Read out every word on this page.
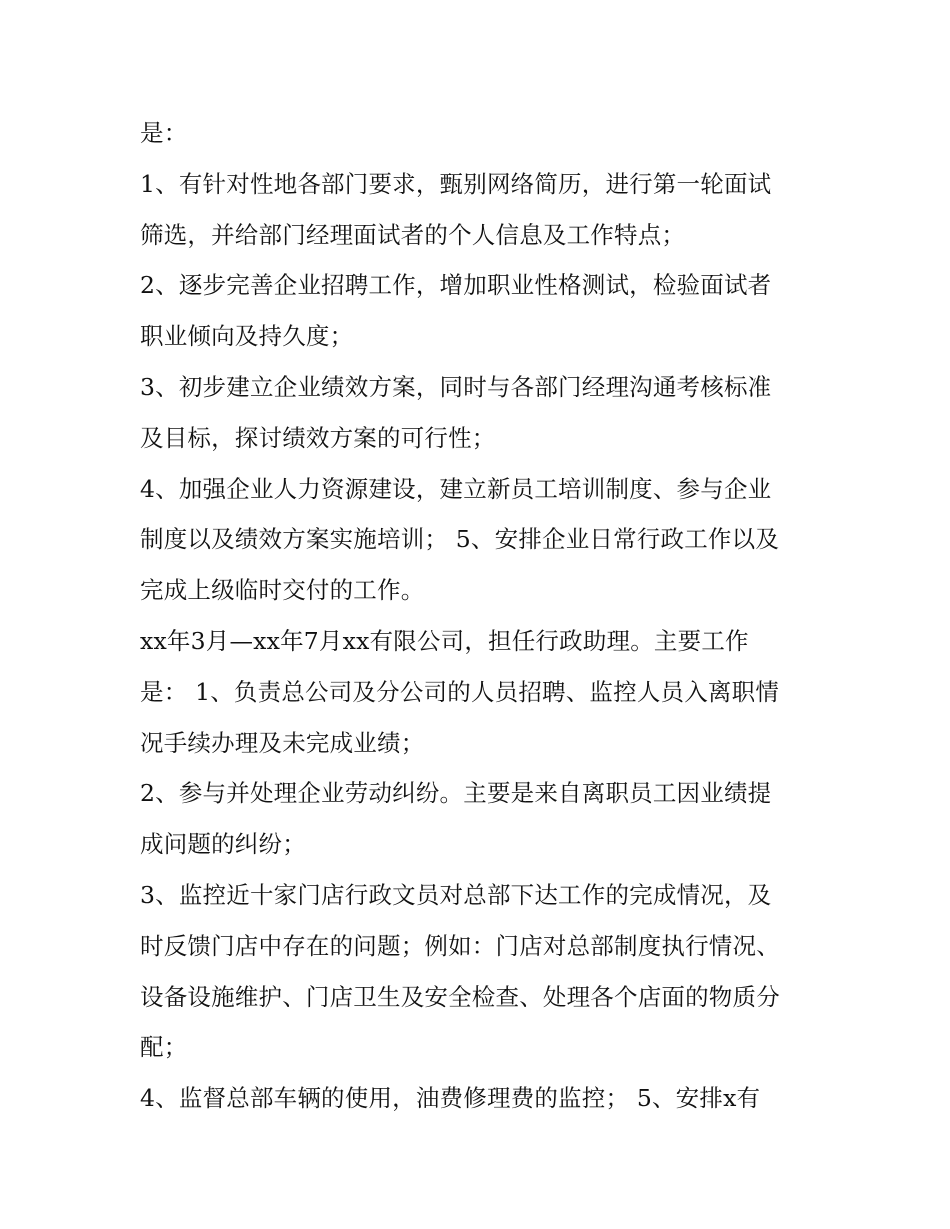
是：
1、有针对性地各部门要求，甄别网络简历，进行第一轮面试
筛选，并给部门经理面试者的个人信息及工作特点；
2、逐步完善企业招聘工作，增加职业性格测试，检验面试者
职业倾向及持久度；
3、初步建立企业绩效方案，同时与各部门经理沟通考核标准
及目标，探讨绩效方案的可行性；
4、加强企业人力资源建设，建立新员工培训制度、参与企业
制度以及绩效方案实施培训； 5、安排企业日常行政工作以及
完成上级临时交付的工作。
xx年3月—xx年7月xx有限公司，担任行政助理。主要工作
是： 1、负责总公司及分公司的人员招聘、监控人员入离职情
况手续办理及未完成业绩；
2、参与并处理企业劳动纠纷。主要是来自离职员工因业绩提
成问题的纠纷；
3、监控近十家门店行政文员对总部下达工作的完成情况，及
时反馈门店中存在的问题；例如：门店对总部制度执行情况、
设备设施维护、门店卫生及安全检查、处理各个店面的物质分
配；
4、监督总部车辆的使用，油费修理费的监控； 5、安排x有
